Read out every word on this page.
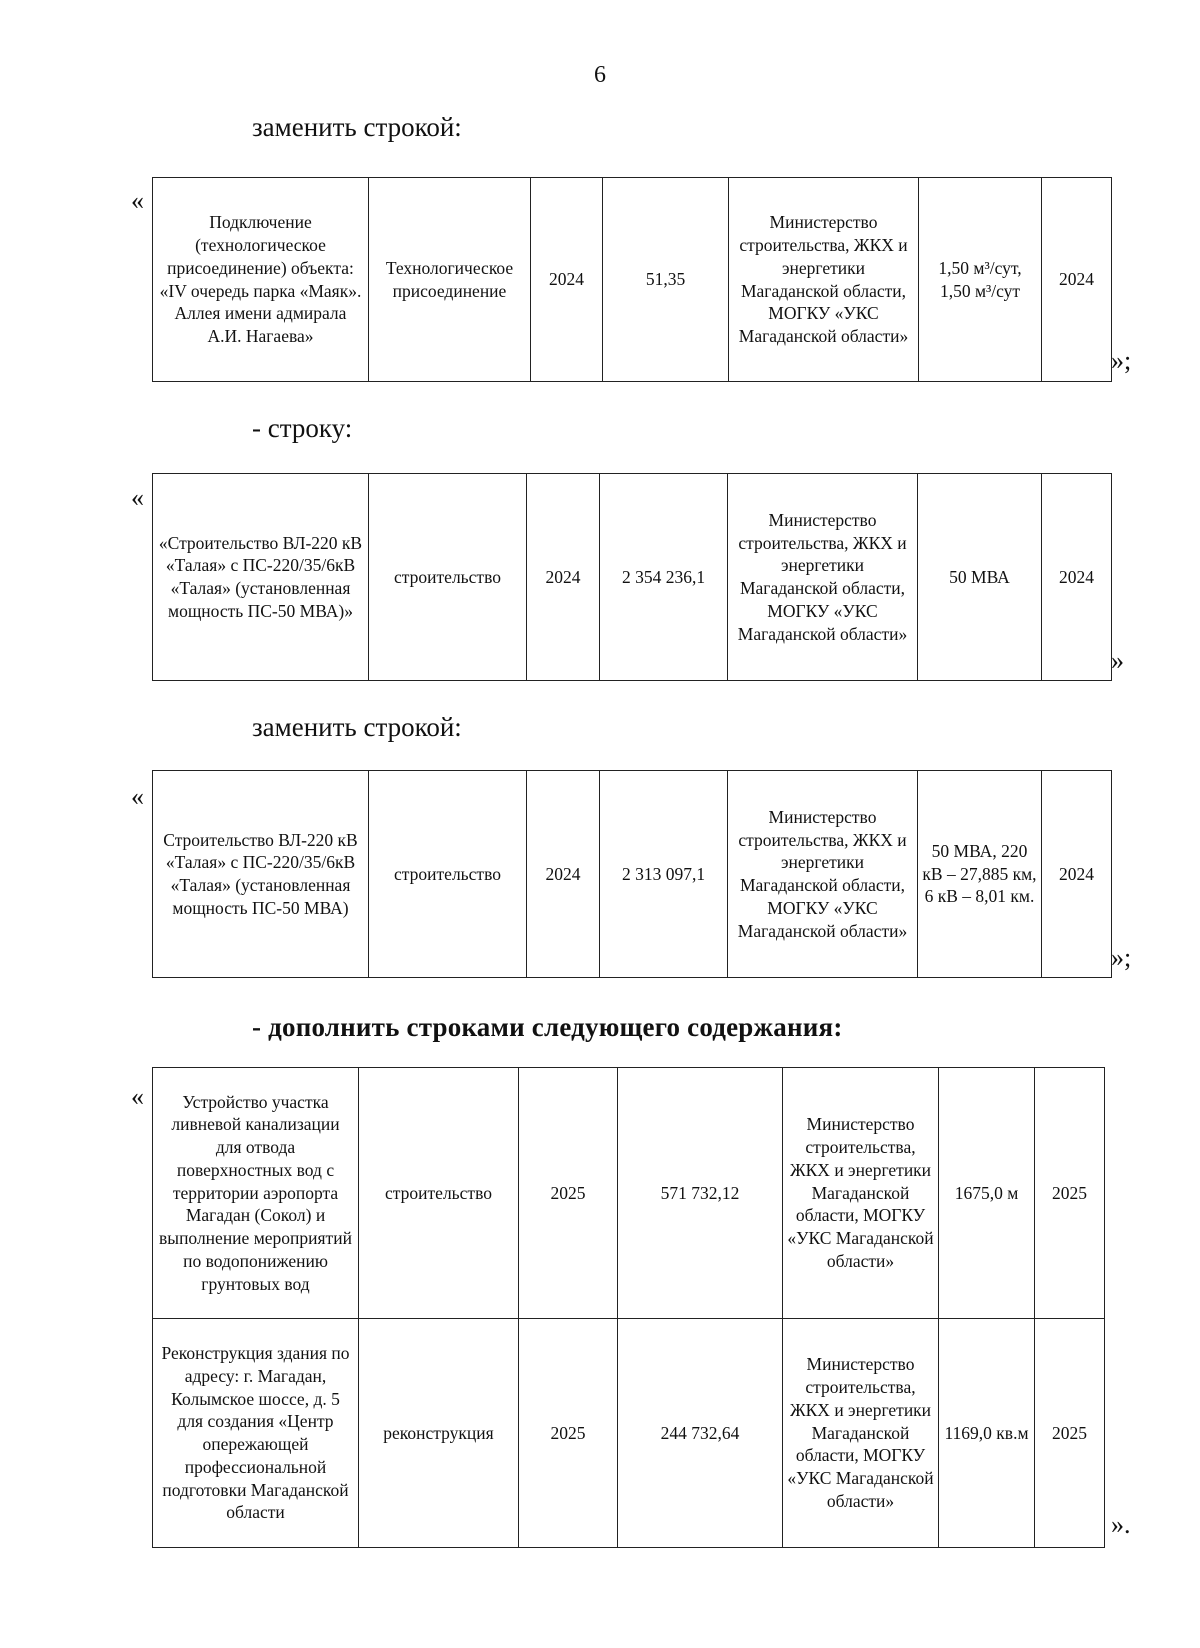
6
заменить строкой:
«
Подключение (технологическое присоединение) объекта: «IV очередь парка «Маяк». Аллея имени адмирала А.И. Нагаева»	Технологическое присоединение	2024	51,35	Министерство строительства, ЖКХ и энергетики Магаданской области, МОГКУ «УКС Магаданской области»	1,50 м³/сут, 1,50 м³/сут	2024
»;
- строку:
«
«Строительство ВЛ-220 кВ «Талая» с ПС-220/35/6кВ «Талая» (установленная мощность ПС-50 МВА)»	строительство	2024	2 354 236,1	Министерство строительства, ЖКХ и энергетики Магаданской области, МОГКУ «УКС Магаданской области»	50 МВА	2024
»
заменить строкой:
«
Строительство ВЛ-220 кВ «Талая» с ПС-220/35/6кВ «Талая» (установленная мощность ПС-50 МВА)	строительство	2024	2 313 097,1	Министерство строительства, ЖКХ и энергетики Магаданской области, МОГКУ «УКС Магаданской области»	50 МВА, 220 кВ – 27,885 км, 6 кВ – 8,01 км.	2024
»;
- дополнить строками следующего содержания:
« Устройство участка ливневой канализации для отвода поверхностных вод с территории аэропорта Магадан (Сокол) и выполнение мероприятий по водопонижению грунтовых вод	строительство	2025	571 732,12	Министерство строительства, ЖКХ и энергетики Магаданской области, МОГКУ «УКС Магаданской области»	1675,0 м	2025
Реконструкция здания по адресу: г. Магадан, Колымское шоссе, д. 5 для создания «Центр опережающей профессиональной подготовки Магаданской области	реконструкция	2025	244 732,64	Министерство строительства, ЖКХ и энергетики Магаданской области, МОГКУ «УКС Магаданской области»	1169,0 кв.м	2025
».
